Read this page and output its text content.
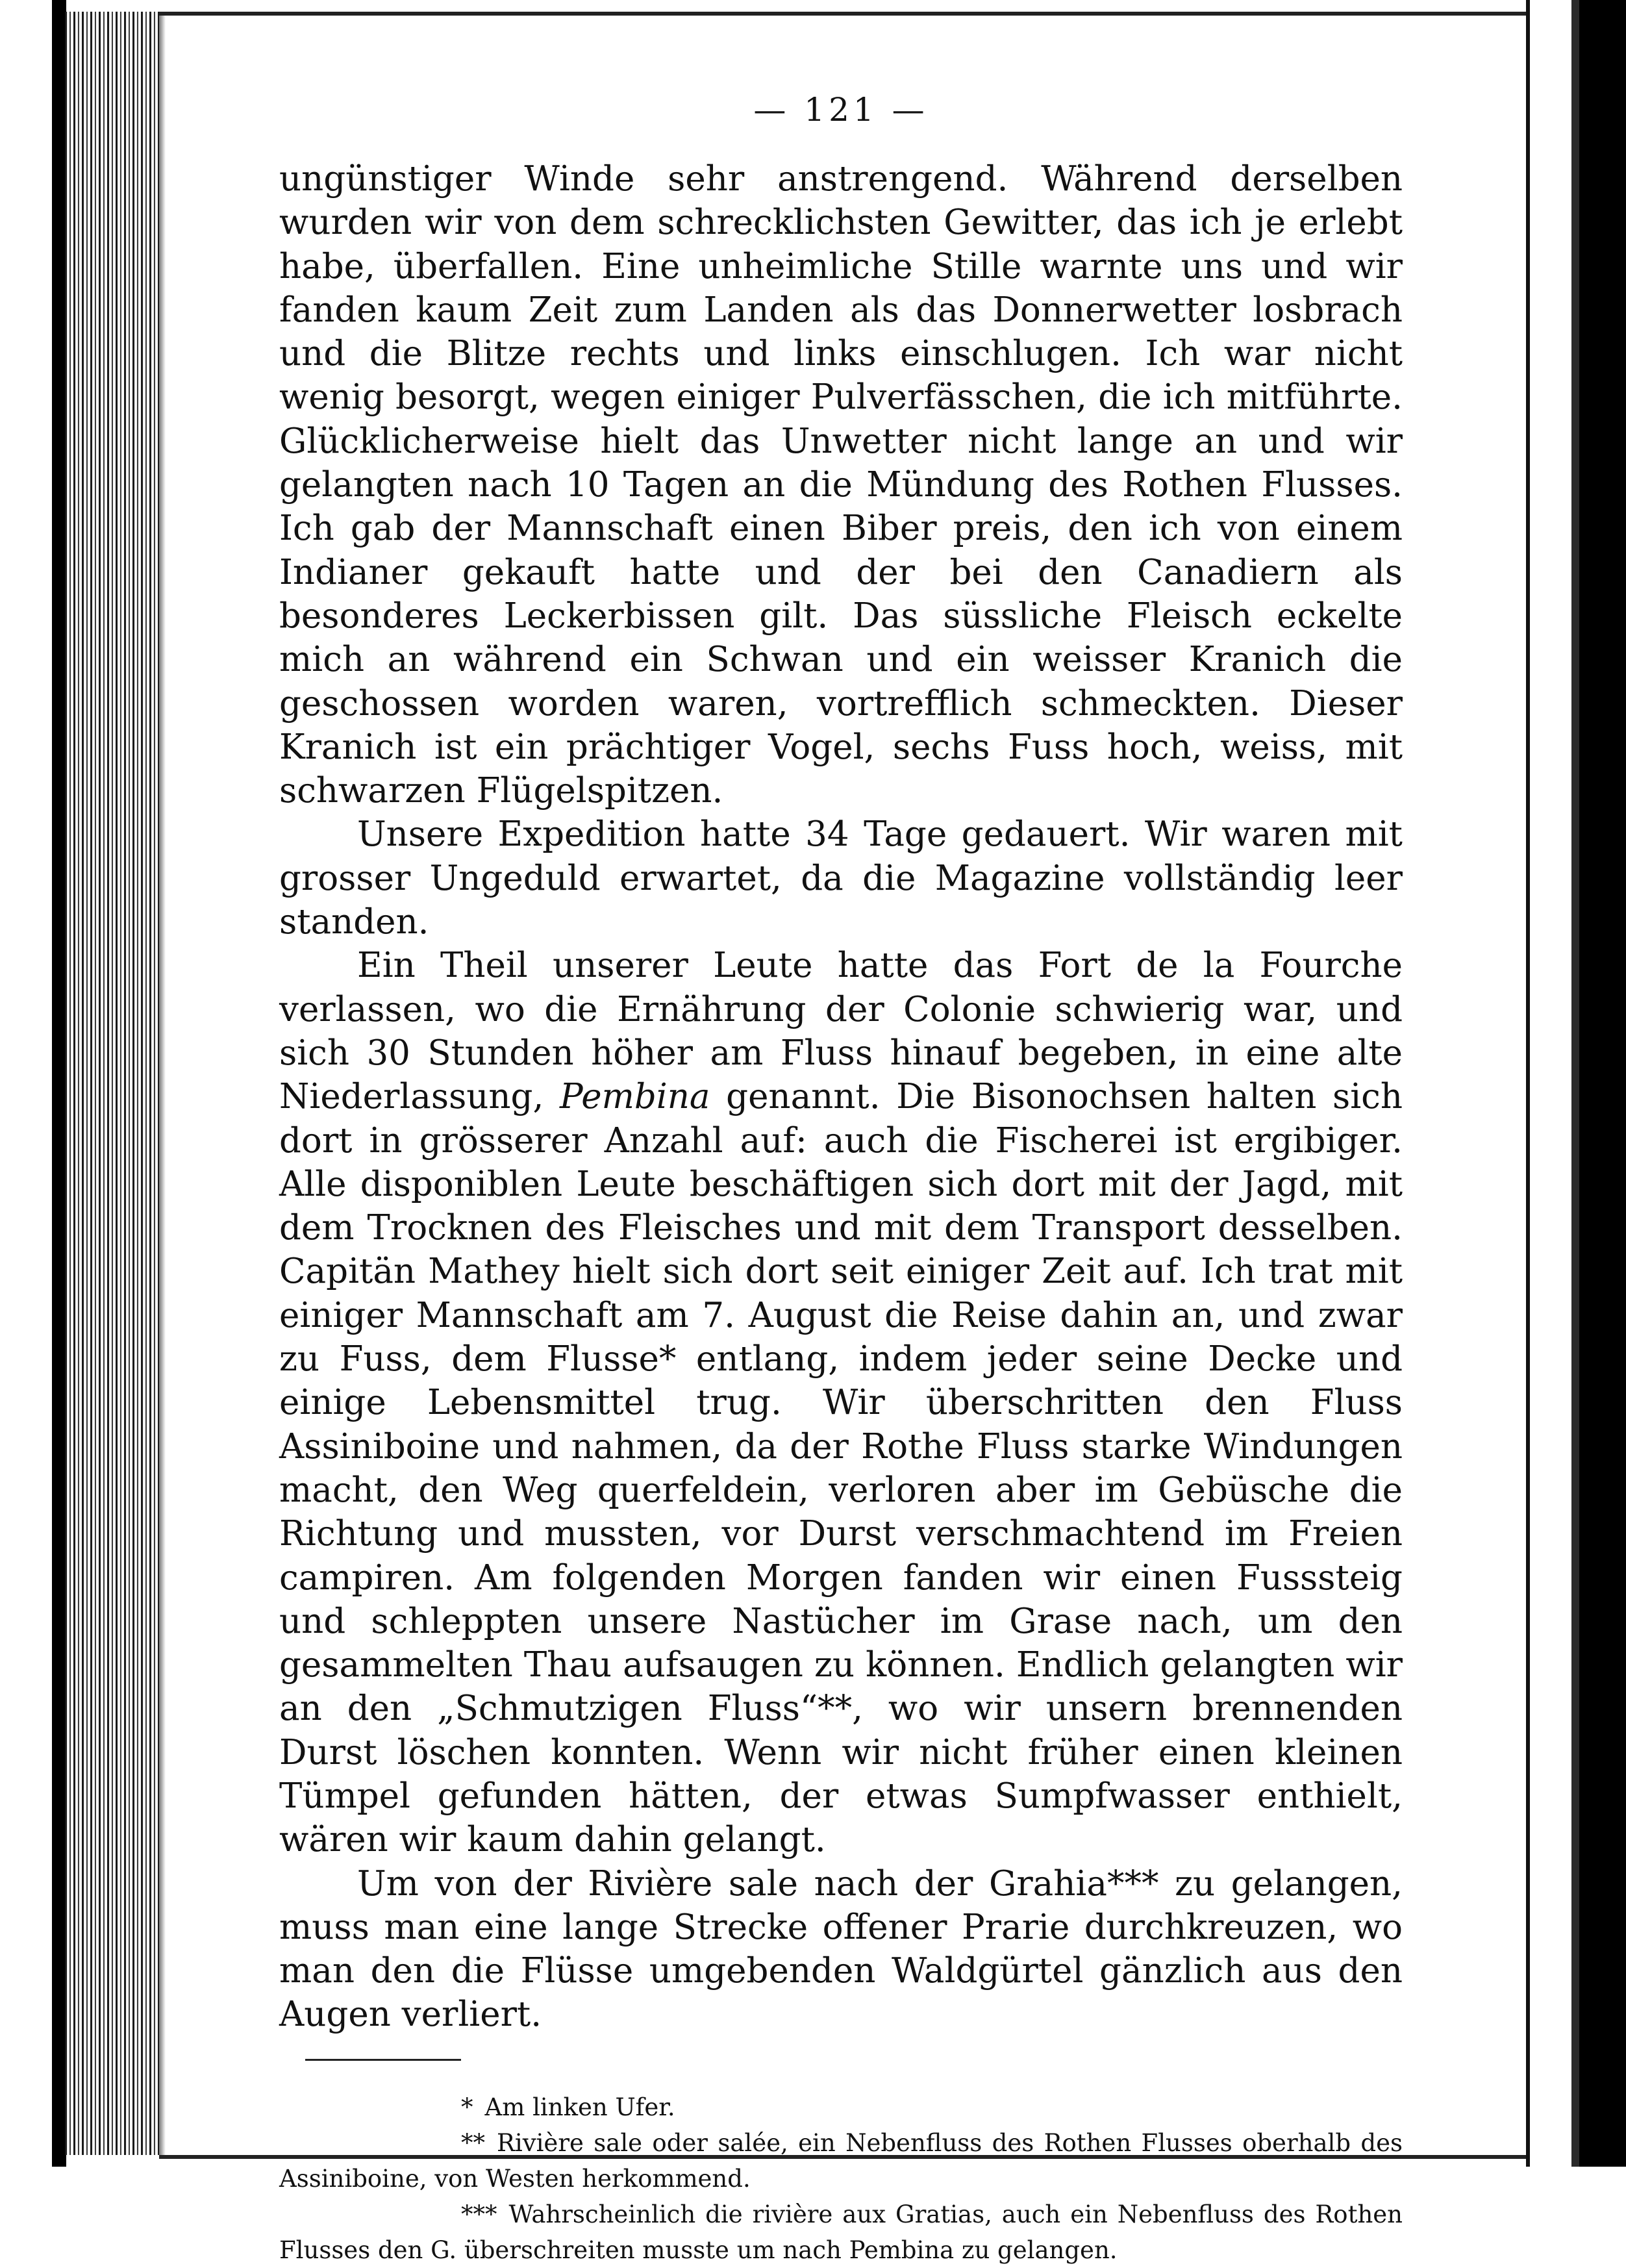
— 121 —

ungünstiger Winde sehr anstrengend. Während derselben wurden wir von dem schrecklichsten Gewitter, das ich je erlebt habe, überfallen. Eine unheimliche Stille warnte uns und wir fanden kaum Zeit zum Landen als das Donnerwetter losbrach und die Blitze rechts und links einschlugen. Ich war nicht wenig besorgt, wegen einiger Pulverfässchen, die ich mitführte. Glücklicherweise hielt das Unwetter nicht lange an und wir gelangten nach 10 Tagen an die Mündung des Rothen Flusses. Ich gab der Mannschaft einen Biber preis, den ich von einem Indianer gekauft hatte und der bei den Canadiern als besonderes Leckerbissen gilt. Das süssliche Fleisch eckelte mich an während ein Schwan und ein weisser Kranich die geschossen worden waren, vortrefflich schmeckten. Dieser Kranich ist ein prächtiger Vogel, sechs Fuss hoch, weiss, mit schwarzen Flügelspitzen.

Unsere Expedition hatte 34 Tage gedauert. Wir waren mit grosser Ungeduld erwartet, da die Magazine vollständig leer standen.

Ein Theil unserer Leute hatte das Fort de la Fourche verlassen, wo die Ernährung der Colonie schwierig war, und sich 30 Stunden höher am Fluss hinauf begeben, in eine alte Niederlassung, Pembina genannt. Die Bisonochsen halten sich dort in grösserer Anzahl auf: auch die Fischerei ist ergibiger. Alle disponiblen Leute beschäftigen sich dort mit der Jagd, mit dem Trocknen des Fleisches und mit dem Transport desselben. Capitän Mathey hielt sich dort seit einiger Zeit auf. Ich trat mit einiger Mannschaft am 7. August die Reise dahin an, und zwar zu Fuss, dem Flusse* entlang, indem jeder seine Decke und einige Lebensmittel trug. Wir überschritten den Fluss Assiniboine und nahmen, da der Rothe Fluss starke Windungen macht, den Weg querfeldein, verloren aber im Gebüsche die Richtung und mussten, vor Durst verschmachtend im Freien campiren. Am folgenden Morgen fanden wir einen Fusssteig und schleppten unsere Nastücher im Grase nach, um den gesammelten Thau aufsaugen zu können. Endlich gelangten wir an den „Schmutzigen Fluss“**, wo wir unsern brennenden Durst löschen konnten. Wenn wir nicht früher einen kleinen Tümpel gefunden hätten, der etwas Sumpfwasser enthielt, wären wir kaum dahin gelangt.

Um von der Rivière sale nach der Grahia*** zu gelangen, muss man eine lange Strecke offener Prarie durchkreuzen, wo man den die Flüsse umgebenden Waldgürtel gänzlich aus den Augen verliert.

* Am linken Ufer.

** Rivière sale oder salée, ein Nebenfluss des Rothen Flusses oberhalb des Assiniboine, von Westen herkommend.

*** Wahrscheinlich die rivière aux Gratias, auch ein Nebenfluss des Rothen Flusses den G. überschreiten musste um nach Pembina zu gelangen.
